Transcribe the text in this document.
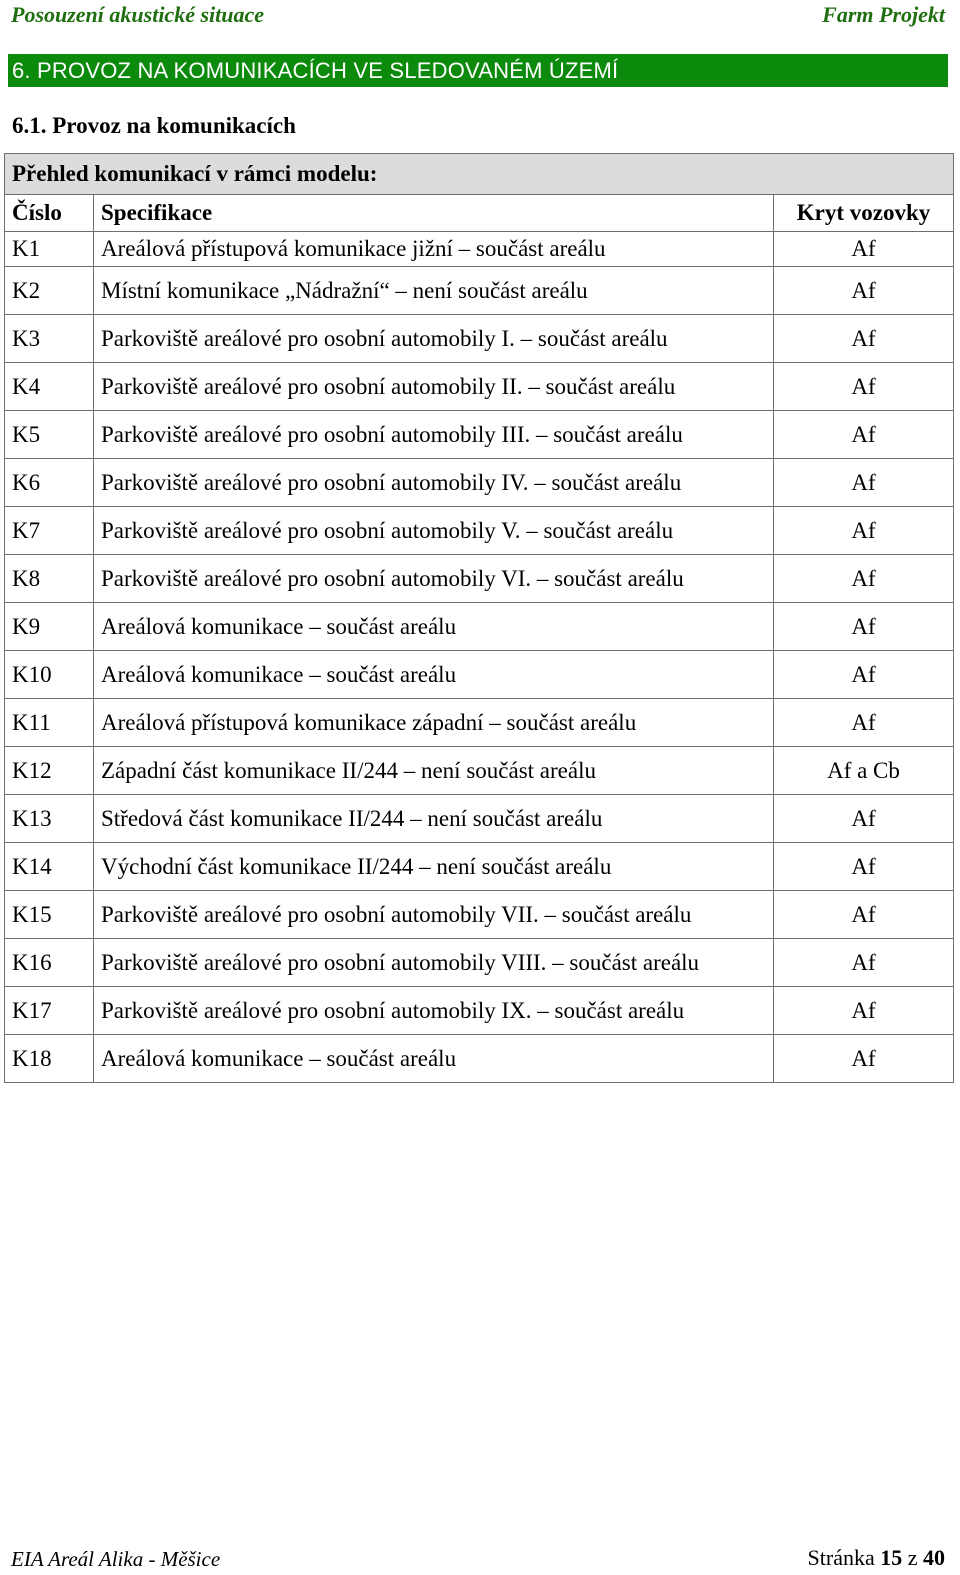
Posouzení akustické situace	Farm Projekt
6. PROVOZ NA KOMUNIKACÍCH VE SLEDOVANÉM ÚZEMÍ
6.1. Provoz na komunikacích
Přehled komunikací v rámci modelu:		
Číslo	Specifikace	Kryt vozovky
K1	Areálová přístupová komunikace jižní – součást areálu	Af
K2	Místní komunikace „Nádražní“ – není součást areálu	Af
K3	Parkoviště areálové pro osobní automobily I. – součást areálu	Af
K4	Parkoviště areálové pro osobní automobily II. – součást areálu	Af
K5	Parkoviště areálové pro osobní automobily III. – součást areálu	Af
K6	Parkoviště areálové pro osobní automobily IV. – součást areálu	Af
K7	Parkoviště areálové pro osobní automobily V. – součást areálu	Af
K8	Parkoviště areálové pro osobní automobily VI. – součást areálu	Af
K9	Areálová komunikace – součást areálu	Af
K10	Areálová komunikace – součást areálu	Af
K11	Areálová přístupová komunikace západní – součást areálu	Af
K12	Západní část komunikace II/244 – není součást areálu	Af a Cb
K13	Středová část komunikace II/244 – není součást areálu	Af
K14	Východní část komunikace II/244 – není součást areálu	Af
K15	Parkoviště areálové pro osobní automobily VII. – součást areálu	Af
K16	Parkoviště areálové pro osobní automobily VIII. – součást areálu	Af
K17	Parkoviště areálové pro osobní automobily IX. – součást areálu	Af
K18	Areálová komunikace – součást areálu	Af
EIA Areál Alika - Měšice	Stránka 15 z 40
